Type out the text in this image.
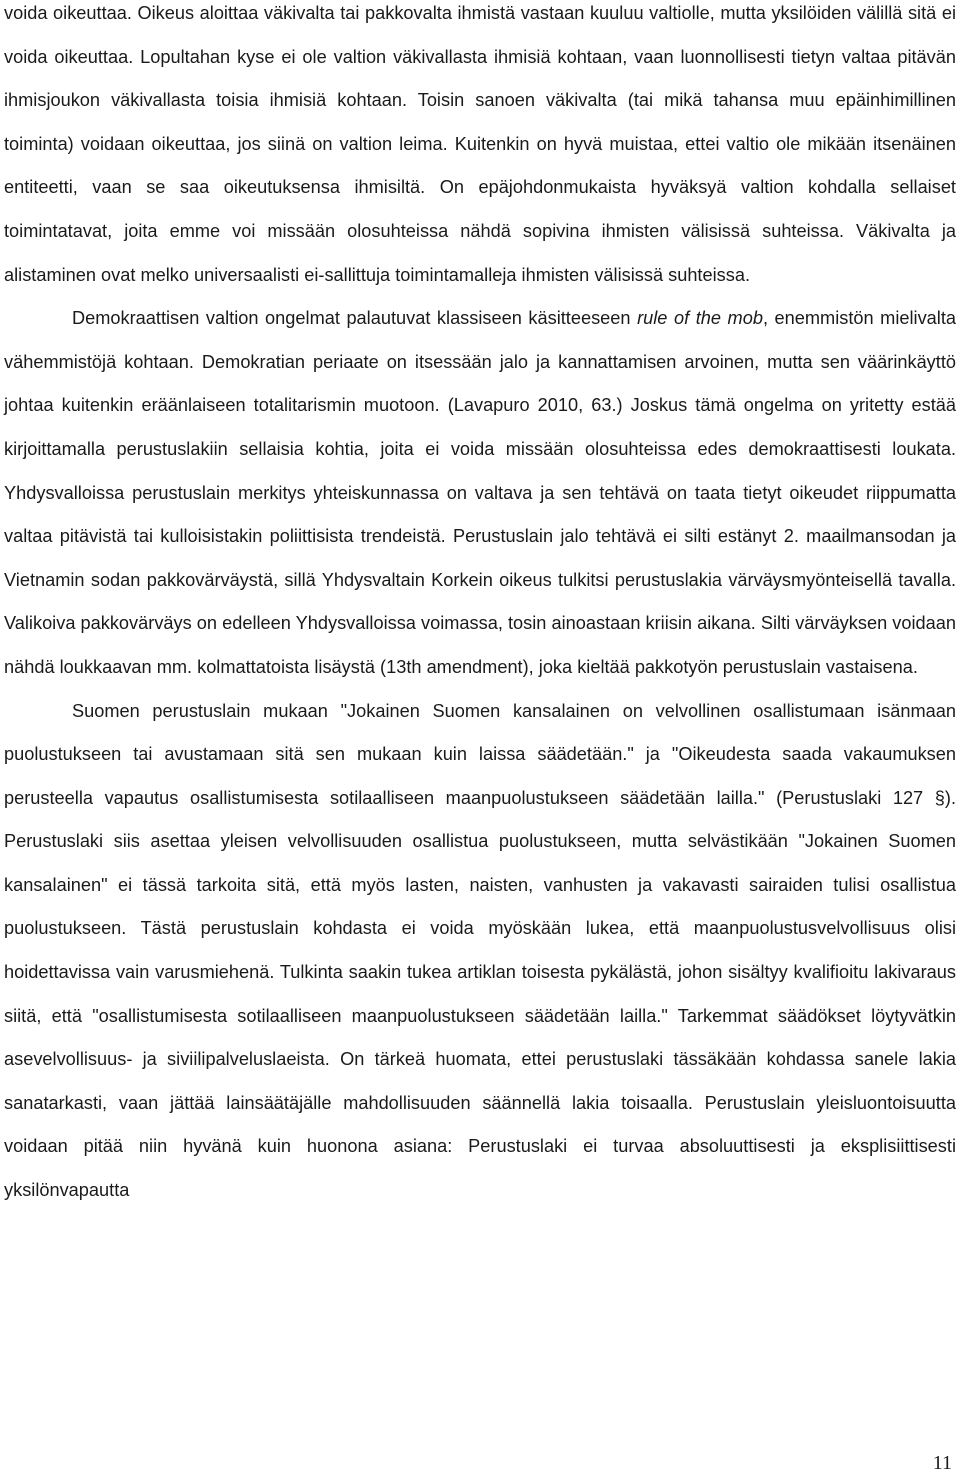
voida oikeuttaa. Oikeus aloittaa väkivalta tai pakkovalta ihmistä vastaan kuuluu valtiolle, mutta yksilöiden välillä sitä ei voida oikeuttaa. Lopultahan kyse ei ole valtion väkivallasta ihmisiä kohtaan, vaan luonnollisesti tietyn valtaa pitävän ihmisjoukon väkivallasta toisia ihmisiä kohtaan. Toisin sanoen väkivalta (tai mikä tahansa muu epäinhimillinen toiminta) voidaan oikeuttaa, jos siinä on valtion leima. Kuitenkin on hyvä muistaa, ettei valtio ole mikään itsenäinen entiteetti, vaan se saa oikeutuksensa ihmisiltä. On epäjohdonmukaista hyväksyä valtion kohdalla sellaiset toimintatavat, joita emme voi missään olosuhteissa nähdä sopivina ihmisten välisissä suhteissa. Väkivalta ja alistaminen ovat melko universaalisti ei-sallittuja toimintamalleja ihmisten välisissä suhteissa.

Demokraattisen valtion ongelmat palautuvat klassiseen käsitteeseen rule of the mob, enemmistön mielivalta vähemmistöjä kohtaan. Demokratian periaate on itsessään jalo ja kannattamisen arvoinen, mutta sen väärinkäyttö johtaa kuitenkin eräänlaiseen totalitarismin muotoon. (Lavapuro 2010, 63.) Joskus tämä ongelma on yritetty estää kirjoittamalla perustuslakiin sellaisia kohtia, joita ei voida missään olosuhteissa edes demokraattisesti loukata. Yhdysvalloissa perustuslain merkitys yhteiskunnassa on valtava ja sen tehtävä on taata tietyt oikeudet riippumatta valtaa pitävistä tai kulloisistakin poliittisista trendeistä. Perustuslain jalo tehtävä ei silti estänyt 2. maailmansodan ja Vietnamin sodan pakkovärväystä, sillä Yhdysvaltain Korkein oikeus tulkitsi perustuslakia värväysmyönteisellä tavalla. Valikoiva pakkovärväys on edelleen Yhdysvalloissa voimassa, tosin ainoastaan kriisin aikana. Silti värväyksen voidaan nähdä loukkaavan mm. kolmattatoista lisäystä (13th amendment), joka kieltää pakkotyön perustuslain vastaisena.

Suomen perustuslain mukaan "Jokainen Suomen kansalainen on velvollinen osallistumaan isänmaan puolustukseen tai avustamaan sitä sen mukaan kuin laissa säädetään." ja "Oikeudesta saada vakaumuksen perusteella vapautus osallistumisesta sotilaalliseen maanpuolustukseen säädetään lailla." (Perustuslaki 127 §). Perustuslaki siis asettaa yleisen velvollisuuden osallistua puolustukseen, mutta selvästikään "Jokainen Suomen kansalainen" ei tässä tarkoita sitä, että myös lasten, naisten, vanhusten ja vakavasti sairaiden tulisi osallistua puolustukseen. Tästä perustuslain kohdasta ei voida myöskään lukea, että maanpuolustusvelvollisuus olisi hoidettavissa vain varusmiehenä. Tulkinta saakin tukea artiklan toisesta pykälästä, johon sisältyy kvalifioitu lakivaraus siitä, että "osallistumisesta sotilaalliseen maanpuolustukseen säädetään lailla." Tarkemmat säädökset löytyvätkin asevelvollisuus- ja siviilipalveluslaeista. On tärkeä huomata, ettei perustuslaki tässäkään kohdassa sanele lakia sanatarkasti, vaan jättää lainsäätäjälle mahdollisuuden säännellä lakia toisaalla. Perustuslain yleisluontoisuutta voidaan pitää niin hyvänä kuin huonona asiana: Perustuslaki ei turvaa absoluuttisesti ja eksplisiittisesti yksilönvapautta

11
